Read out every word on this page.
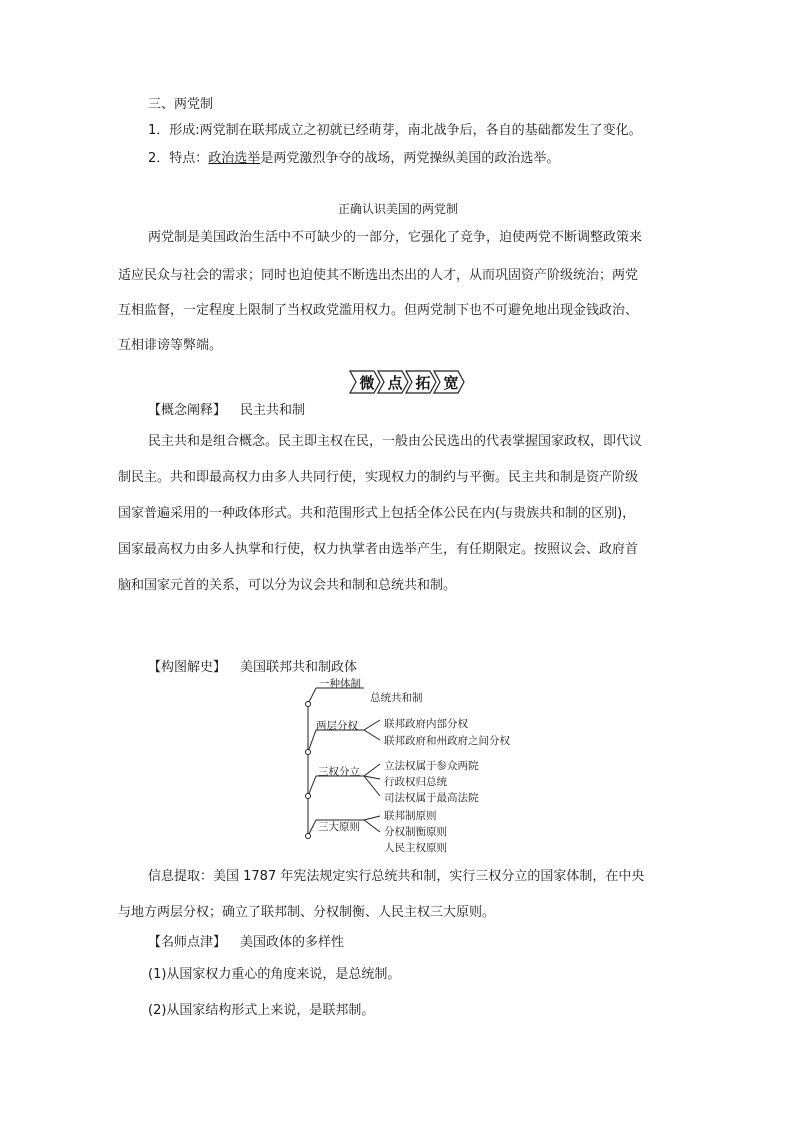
三、两党制
1．形成:两党制在联邦成立之初就已经萌芽，南北战争后，各自的基础都发生了变化。
2．特点：政治选举是两党激烈争夺的战场，两党操纵美国的政治选举。
正确认识美国的两党制
两党制是美国政治生活中不可缺少的一部分，它强化了竞争，迫使两党不断调整政策来
适应民众与社会的需求；同时也迫使其不断选出杰出的人才，从而巩固资产阶级统治；两党
互相监督，一定程度上限制了当权政党滥用权力。但两党制下也不可避免地出现金钱政治、
互相诽谤等弊端。
微 点 拓 宽
【概念阐释】 民主共和制
民主共和是组合概念。民主即主权在民，一般由公民选出的代表掌握国家政权，即代议
制民主。共和即最高权力由多人共同行使，实现权力的制约与平衡。民主共和制是资产阶级
国家普遍采用的一种政体形式。共和范围形式上包括全体公民在内(与贵族共和制的区别)，
国家最高权力由多人执掌和行使，权力执掌者由选举产生，有任期限定。按照议会、政府首
脑和国家元首的关系，可以分为议会共和制和总统共和制。
【构图解史】 美国联邦共和制政体
一种体制
总统共和制
两层分权 联邦政府内部分权
联邦政府和州政府之间分权
三权分立 立法权属于参众两院
行政权归总统
司法权属于最高法院
三大原则
联邦制原则
分权制衡原则
人民主权原则
信息提取：美国 1787 年宪法规定实行总统共和制，实行三权分立的国家体制，在中央
与地方两层分权；确立了联邦制、分权制衡、人民主权三大原则。
【名师点津】 美国政体的多样性
(1)从国家权力重心的角度来说，是总统制。
(2)从国家结构形式上来说，是联邦制。
